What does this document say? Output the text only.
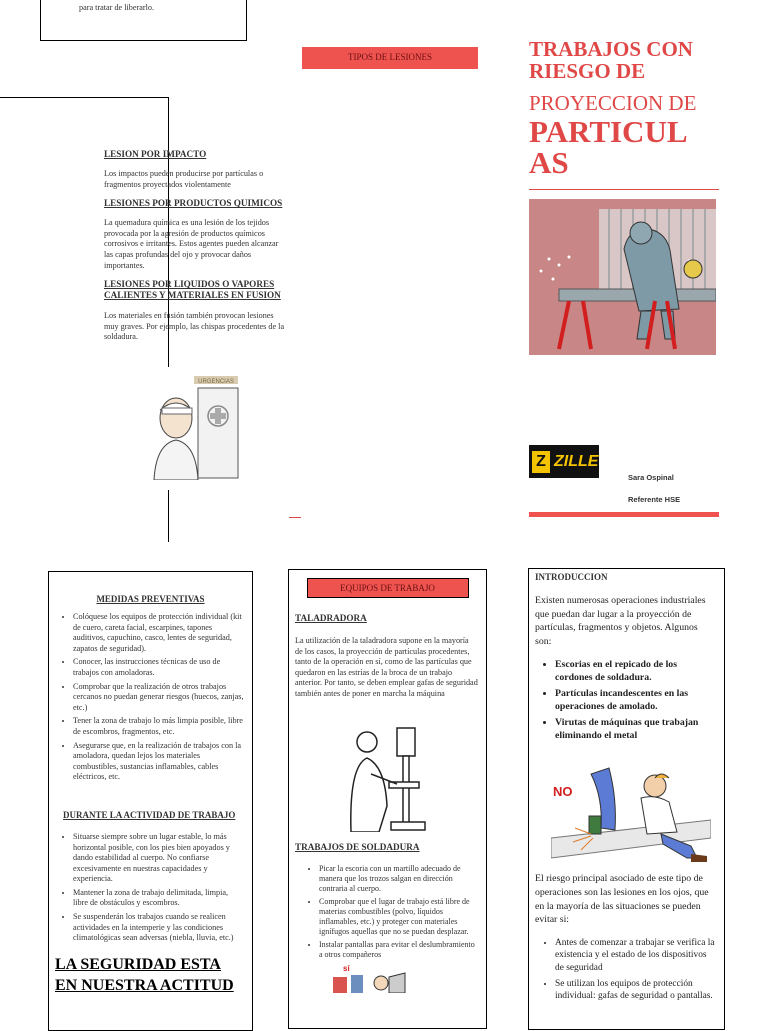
para tratar de liberarlo.
TIPOS DE LESIONES
LESION POR IMPACTO
Los impactos pueden producirse por partículas o fragmentos proyectados violentamente
LESIONES POR PRODUCTOS QUIMICOS
La quemadura química es una lesión de los tejidos provocada por la agresión de productos químicos corrosivos e irritantes. Estos agentes pueden alcanzar las capas profundas del ojo y provocar daños importantes.
LESIONES POR LIQUIDOS O VAPORES CALIENTES Y MATERIALES EN FUSION
Los materiales en fusión también provocan lesiones muy graves. Por ejemplo, las chispas procedentes de la soldadura.
URGENCIAS
TRABAJOS CON
RIESGO DE
PROYECCION DE
PARTICUL
AS
Z ZILLE
Sara Ospinal
Referente HSE
MEDIDAS PREVENTIVAS
• Colóquese los equipos de protección individual (kit de cuero, careta facial, escarpines, tapones auditivos, capuchino, casco, lentes de seguridad, zapatos de seguridad).
• Conocer, las instrucciones técnicas de uso de trabajos con amoladoras.
• Comprobar que la realización de otros trabajos cercanos no puedan generar riesgos (huecos, zanjas, etc.)
• Tener la zona de trabajo lo más limpia posible, libre de escombros, fragmentos, etc.
• Asegurarse que, en la realización de trabajos con la amoladora, quedan lejos los materiales combustibles, sustancias inflamables, cables eléctricos, etc.
DURANTE LA ACTIVIDAD DE TRABAJO
• Situarse siempre sobre un lugar estable, lo más horizontal posible, con los pies bien apoyados y dando estabilidad al cuerpo. No confiarse excesivamente en nuestras capacidades y experiencia.
• Mantener la zona de trabajo delimitada, limpia, libre de obstáculos y escombros.
• Se suspenderán los trabajos cuando se realicen actividades en la intemperie y las condiciones climatológicas sean adversas (niebla, lluvia, etc.)
LA SEGURIDAD ESTA
EN NUESTRA ACTITUD
EQUIPOS DE TRABAJO
TALADRADORA
La utilización de la taladradora supone en la mayoría de los casos, la proyección de partículas procedentes, tanto de la operación en sí, como de las partículas que quedaron en las estrías de la broca de un trabajo anterior. Por tanto, se deben emplear gafas de seguridad también antes de poner en marcha la máquina
TRABAJOS DE SOLDADURA
• Picar la escoria con un martillo adecuado de manera que los trozos salgan en dirección contraria al cuerpo.
• Comprobar que el lugar de trabajo está libre de materias combustibles (polvo, líquidos inflamables, etc.) y proteger con materiales ignífugos aquellas que no se puedan desplazar.
• Instalar pantallas para evitar el deslumbramiento a otros compañeros
sí
INTRODUCCION
Existen numerosas operaciones industriales que puedan dar lugar a la proyección de partículas, fragmentos y objetos. Algunos son:
• Escorias en el repicado de los cordones de soldadura.
• Partículas incandescentes en las operaciones de amolado.
• Virutas de máquinas que trabajan eliminando el metal
NO
El riesgo principal asociado de este tipo de operaciones son las lesiones en los ojos, que en la mayoría de las situaciones se pueden evitar si:
• Antes de comenzar a trabajar se verifica la existencia y el estado de los dispositivos de seguridad
• Se utilizan los equipos de protección individual: gafas de seguridad o pantallas.
